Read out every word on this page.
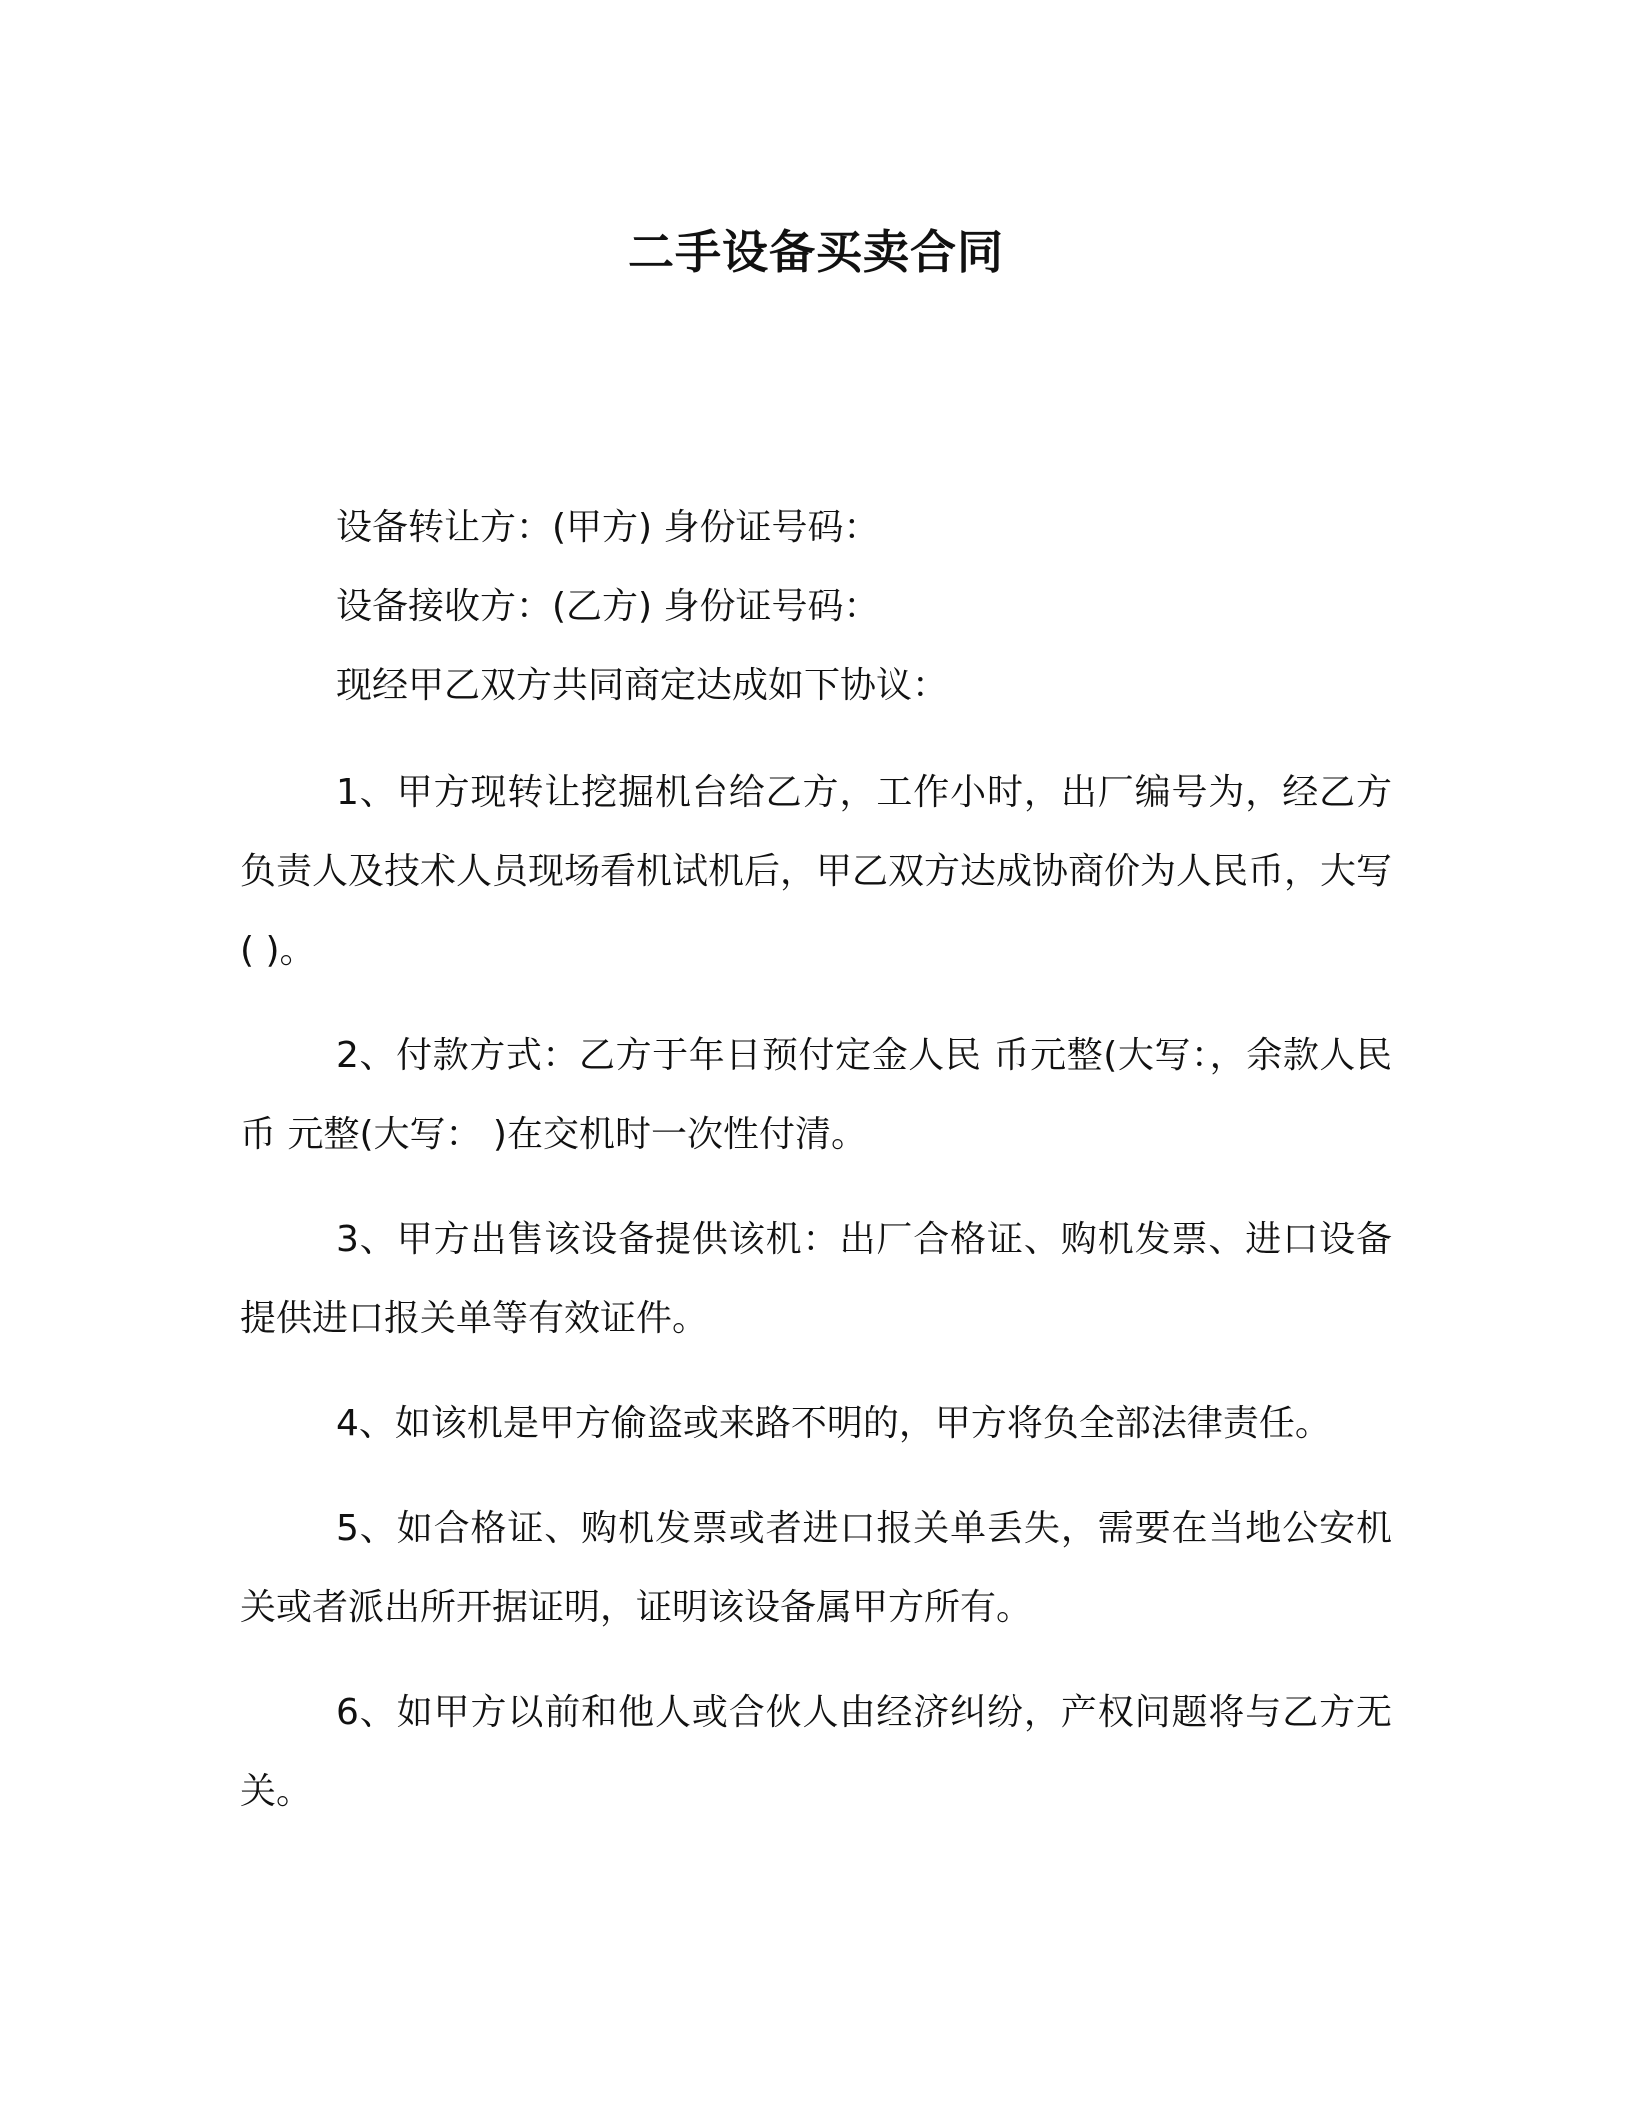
二手设备买卖合同

设备转让方：(甲方) 身份证号码：

设备接收方：(乙方) 身份证号码：

现经甲乙双方共同商定达成如下协议：

1、甲方现转让挖掘机台给乙方，工作小时，出厂编号为，经乙方负责人及技术人员现场看机试机后，甲乙双方达成协商价为人民币，大写( )。

2、付款方式：乙方于年日预付定金人民 币元整(大写：，余款人民 币 元整(大写： )在交机时一次性付清。

3、甲方出售该设备提供该机：出厂合格证、购机发票、进口设备提供进口报关单等有效证件。

4、如该机是甲方偷盗或来路不明的，甲方将负全部法律责任。

5、如合格证、购机发票或者进口报关单丢失，需要在当地公安机关或者派出所开据证明，证明该设备属甲方所有。

6、如甲方以前和他人或合伙人由经济纠纷，产权问题将与乙方无关。
